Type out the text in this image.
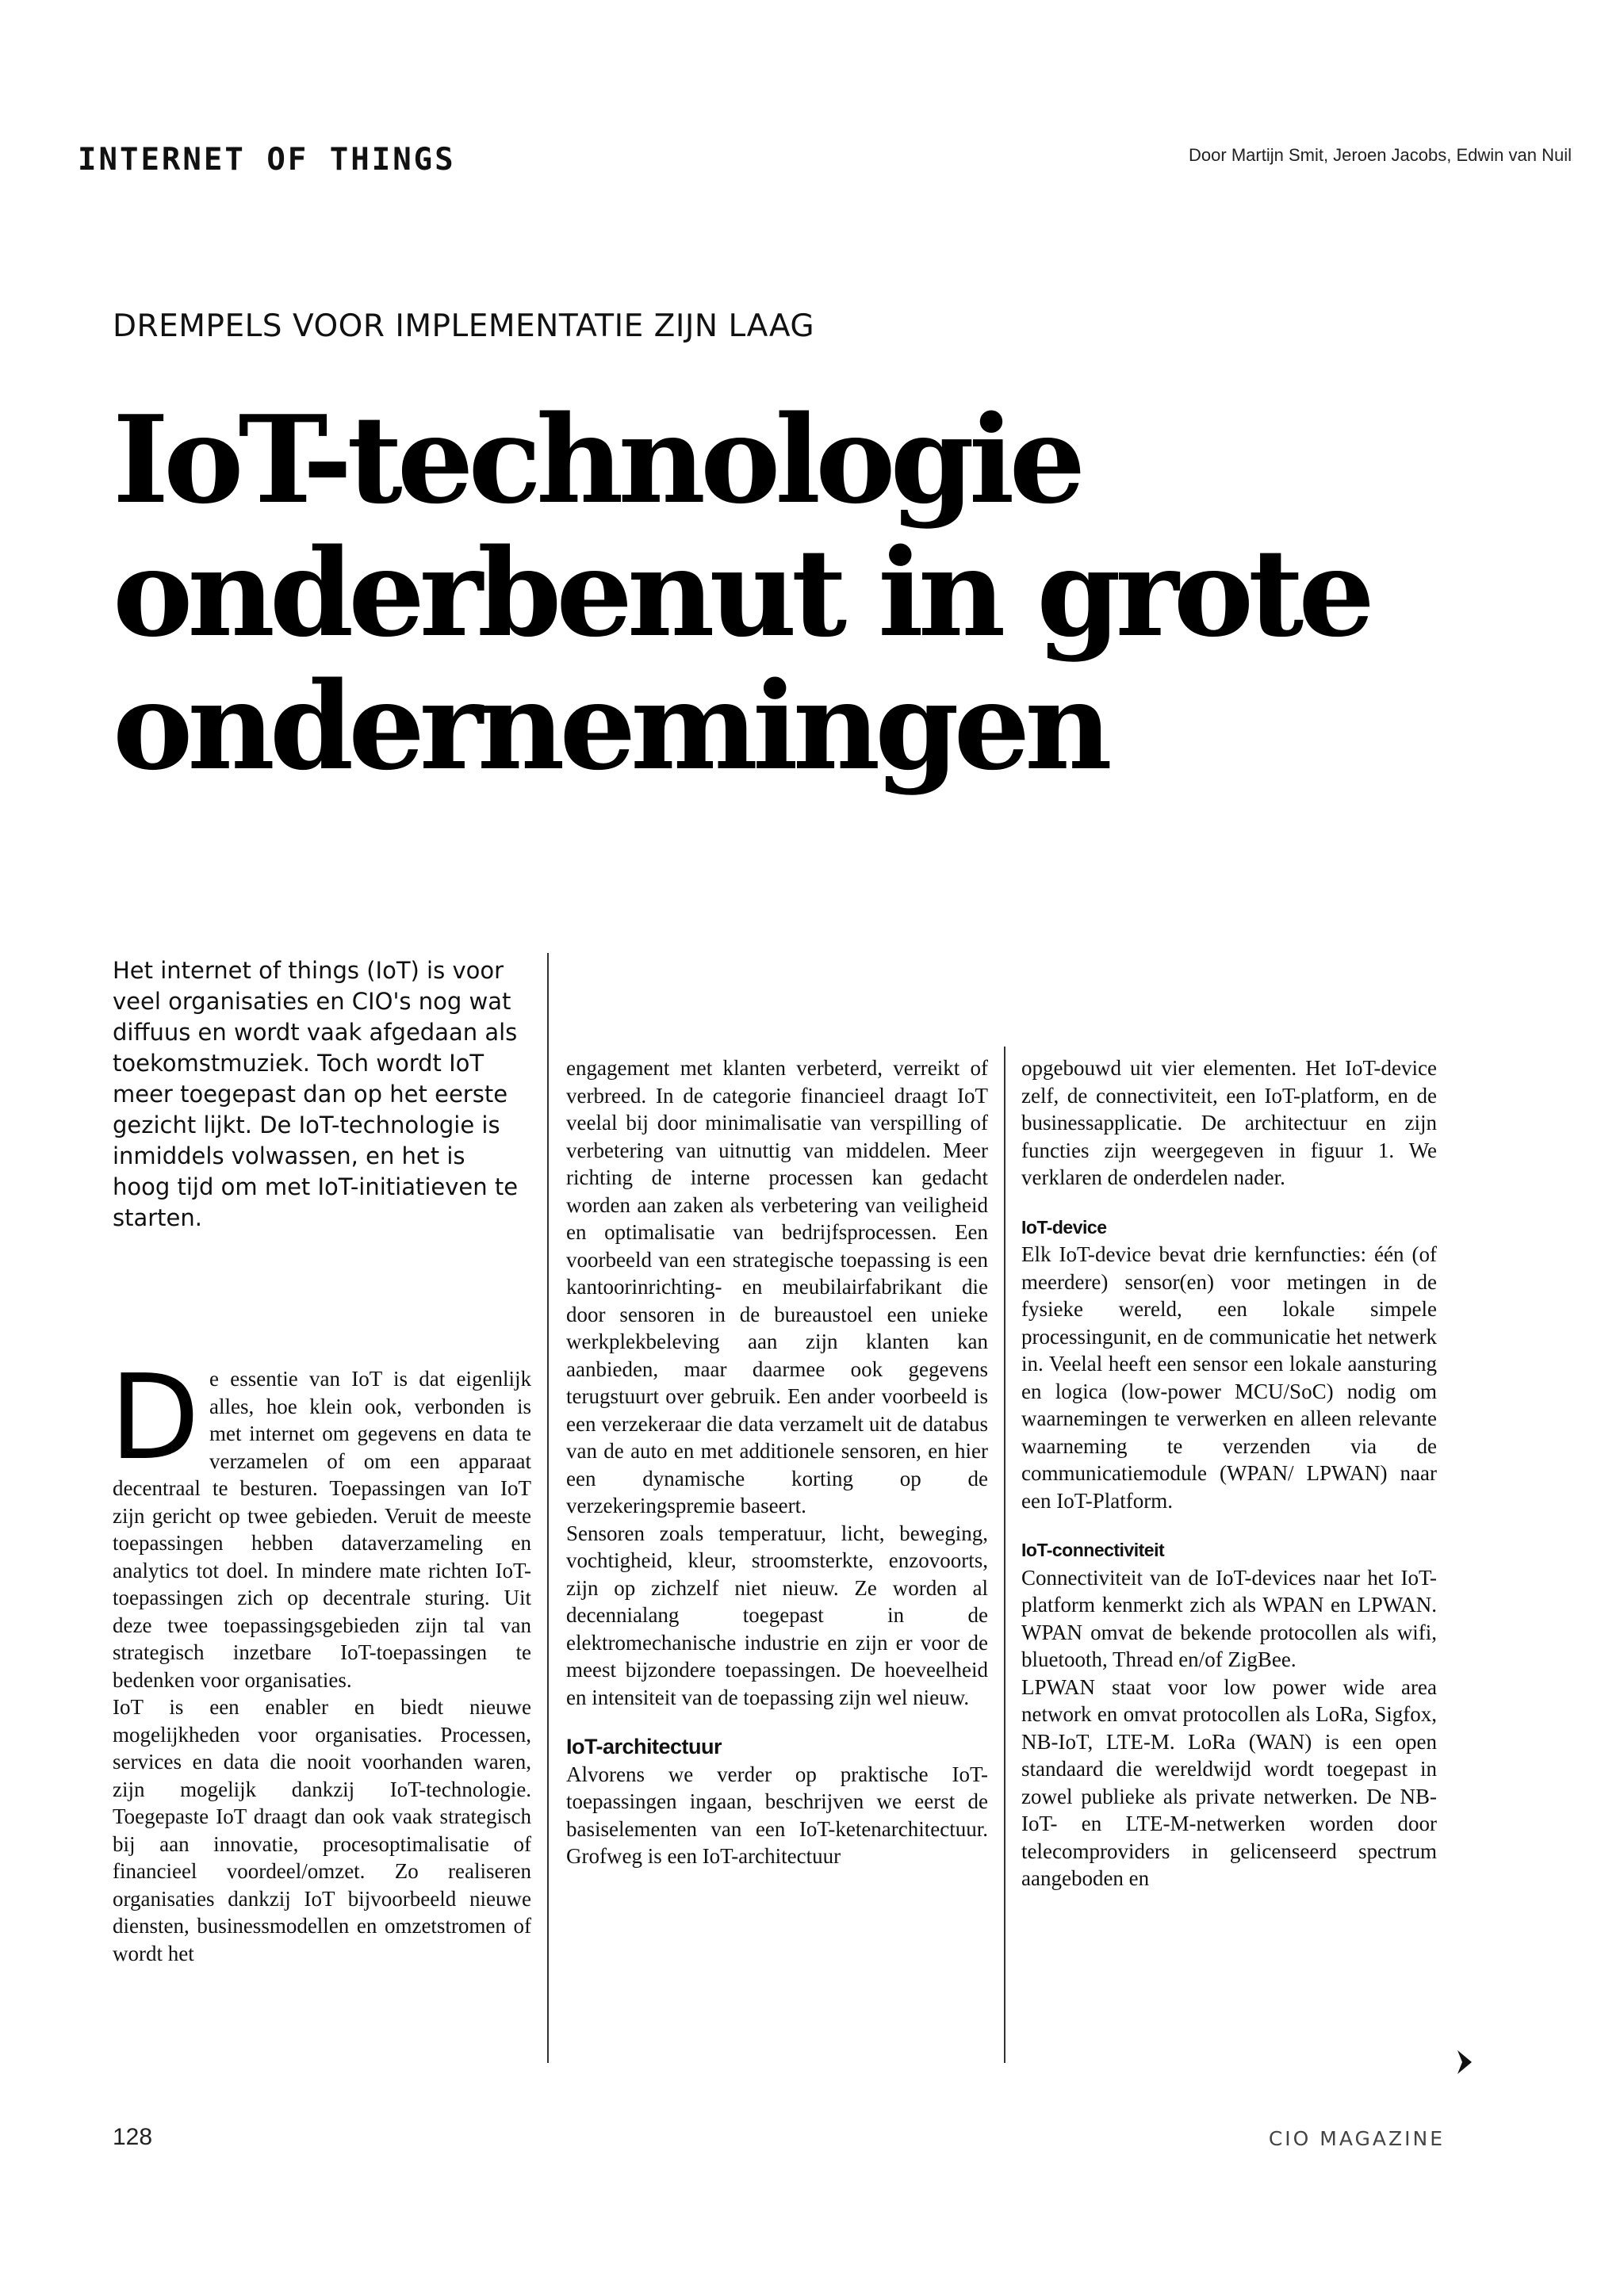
INTERNET OF THINGS	Door Martijn Smit, Jeroen Jacobs, Edwin van Nuil
DREMPELS VOOR IMPLEMENTATIE ZIJN LAAG
IoT-technologie
onderbenut in grote
ondernemingen

Het internet of things (IoT) is voor veel organisaties en CIO's nog wat diffuus en wordt vaak afgedaan als toekomstmuziek. Toch wordt IoT meer toegepast dan op het eerste gezicht lijkt. De IoT-technologie is inmiddels volwassen, en het is hoog tijd om met IoT-initiatieven te starten.

D e essentie van IoT is dat eigenlijk alles, hoe klein ook, verbonden is met internet om gegevens en data te verzamelen of om een apparaat decentraal te besturen. Toepassingen van IoT zijn gericht op twee gebieden. Veruit de meeste toepassingen hebben dataverzameling en analytics tot doel. In mindere mate richten IoT-toepassingen zich op decentrale sturing. Uit deze twee toepassingsgebieden zijn tal van strategisch inzetbare IoT-toepassingen te bedenken voor organisaties.

IoT is een enabler en biedt nieuwe mogelijkheden voor organisaties. Processen, services en data die nooit voorhanden waren, zijn mogelijk dankzij IoT-technologie. Toegepaste IoT draagt dan ook vaak strategisch bij aan innovatie, procesoptimalisatie of financieel voordeel/omzet. Zo realiseren organisaties dankzij IoT bijvoorbeeld nieuwe diensten, businessmodellen en omzetstromen of wordt het

engagement met klanten verbeterd, verreikt of verbreed. In de categorie financieel draagt IoT veelal bij door minimalisatie van verspilling of verbetering van uitnuttig van middelen. Meer richting de interne processen kan gedacht worden aan zaken als verbetering van veiligheid en optimalisatie van bedrijfsprocessen. Een voorbeeld van een strategische toepassing is een kantoorinrichting- en meubilairfabrikant die door sensoren in de bureaustoel een unieke werkplekbeleving aan zijn klanten kan aanbieden, maar daarmee ook gegevens terugstuurt over gebruik. Een ander voorbeeld is een verzekeraar die data verzamelt uit de databus van de auto en met additionele sensoren, en hier een dynamische korting op de verzekeringspremie baseert.

Sensoren zoals temperatuur, licht, beweging, vochtigheid, kleur, stroomsterkte, enzovoorts, zijn op zichzelf niet nieuw. Ze worden al decennialang toegepast in de elektromechanische industrie en zijn er voor de meest bijzondere toepassingen. De hoeveelheid en intensiteit van de toepassing zijn wel nieuw.

IoT-architectuur

Alvorens we verder op praktische IoT-toepassingen ingaan, beschrijven we eerst de basiselementen van een IoT-ketenarchitectuur. Grofweg is een IoT-architectuur

opgebouwd uit vier elementen. Het IoT-device zelf, de connectiviteit, een IoT-platform, en de businessapplicatie. De architectuur en zijn functies zijn weergegeven in figuur 1. We verklaren de onderdelen nader.

IoT-device

Elk IoT-device bevat drie kernfuncties: één (of meerdere) sensor(en) voor metingen in de fysieke wereld, een lokale simpele processingunit, en de communicatie het netwerk in. Veelal heeft een sensor een lokale aansturing en logica (low-power MCU/SoC) nodig om waarnemingen te verwerken en alleen relevante waarneming te verzenden via de communicatiemodule (WPAN/ LPWAN) naar een IoT-Platform.

IoT-connectiviteit

Connectiviteit van de IoT-devices naar het IoT-platform kenmerkt zich als WPAN en LPWAN. WPAN omvat de bekende protocollen als wifi, bluetooth, Thread en/of ZigBee.

LPWAN staat voor low power wide area network en omvat protocollen als LoRa, Sigfox, NB-IoT, LTE-M. LoRa (WAN) is een open standaard die wereldwijd wordt toegepast in zowel publieke als private netwerken. De NB-IoT- en LTE-M-netwerken worden door telecomproviders in gelicenseerd spectrum aangeboden en

128	CIO MAGAZINE
